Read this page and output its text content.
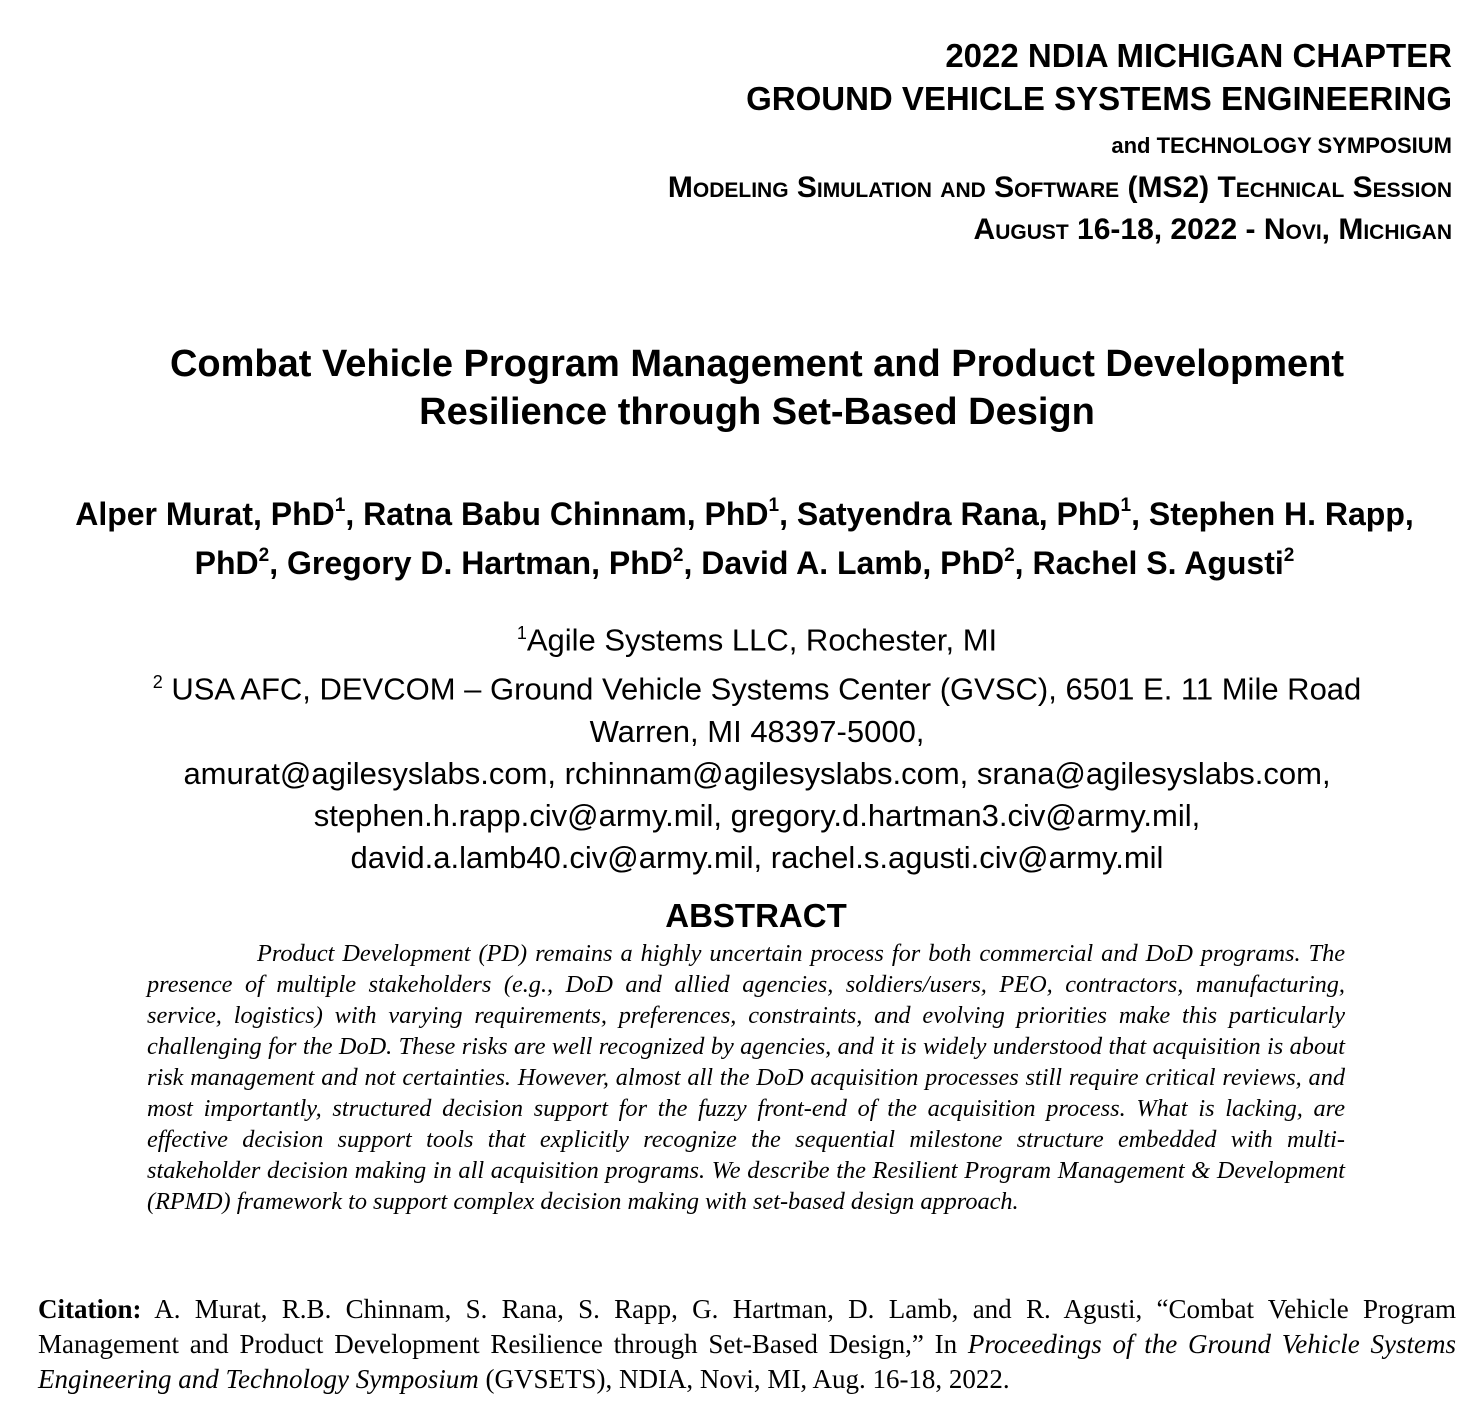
2022 NDIA MICHIGAN CHAPTER
GROUND VEHICLE SYSTEMS ENGINEERING
and TECHNOLOGY SYMPOSIUM
Modeling Simulation and Software (MS2) Technical Session
August 16-18, 2022 - Novi, Michigan
Combat Vehicle Program Management and Product Development
Resilience through Set-Based Design
Alper Murat, PhD$^1$, Ratna Babu Chinnam, PhD$^1$, Satyendra Rana, PhD$^1$, Stephen H. Rapp, PhD$^2$, Gregory D. Hartman, PhD$^2$, David A. Lamb, PhD$^2$, Rachel S. Agusti$^2$
$^1$Agile Systems LLC, Rochester, MI
$^2$ USA AFC, DEVCOM – Ground Vehicle Systems Center (GVSC), 6501 E. 11 Mile Road Warren, MI 48397-5000,
amurat@agilesyslabs.com, rchinnam@agilesyslabs.com, srana@agilesyslabs.com,
stephen.h.rapp.civ@army.mil, gregory.d.hartman3.civ@army.mil,
david.a.lamb40.civ@army.mil, rachel.s.agusti.civ@army.mil
ABSTRACT
Product Development (PD) remains a highly uncertain process for both commercial and DoD programs. The presence of multiple stakeholders (e.g., DoD and allied agencies, soldiers/users, PEO, contractors, manufacturing, service, logistics) with varying requirements, preferences, constraints, and evolving priorities make this particularly challenging for the DoD. These risks are well recognized by agencies, and it is widely understood that acquisition is about risk management and not certainties. However, almost all the DoD acquisition processes still require critical reviews, and most importantly, structured decision support for the fuzzy front-end of the acquisition process. What is lacking, are effective decision support tools that explicitly recognize the sequential milestone structure embedded with multi-stakeholder decision making in all acquisition programs. We describe the Resilient Program Management & Development (RPMD) framework to support complex decision making with set-based design approach.
Citation: A. Murat, R.B. Chinnam, S. Rana, S. Rapp, G. Hartman, D. Lamb, and R. Agusti, “Combat Vehicle Program Management and Product Development Resilience through Set-Based Design,” In Proceedings of the Ground Vehicle Systems Engineering and Technology Symposium (GVSETS), NDIA, Novi, MI, Aug. 16-18, 2022.
